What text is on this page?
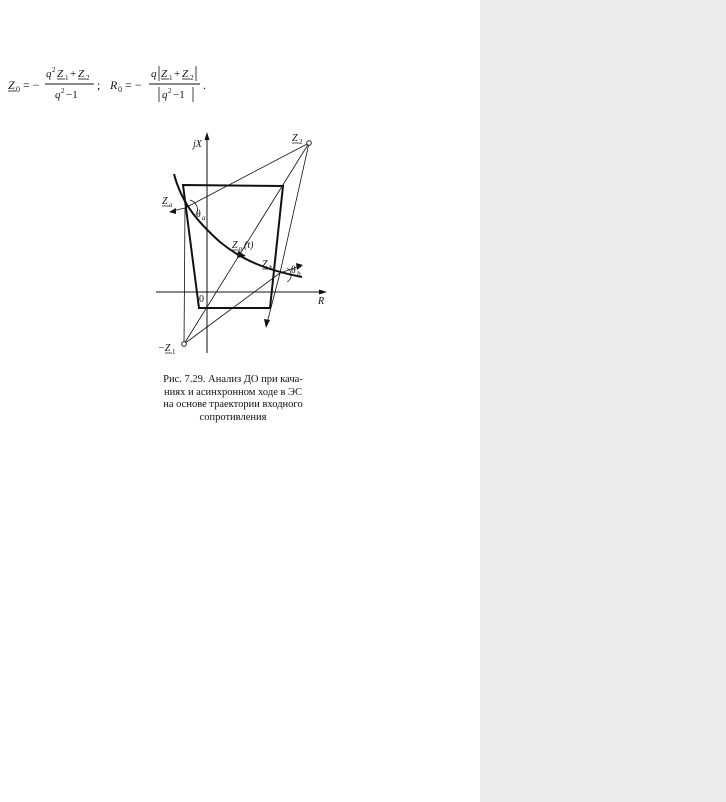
Z 0 = −
q 2 Z 1 + Z 2
q 2 −1
; R 0 = −
q Z 1 + Z 2
q 2 −1
.
jX
R
0
Z 2
Z a
θ a
Z p (t)
Z b θ b
−Z 1
Рис. 7.29. Анализ ДО при кача-
ниях и асинхронном ходе в ЭС
на основе траектории входного
сопротивления
